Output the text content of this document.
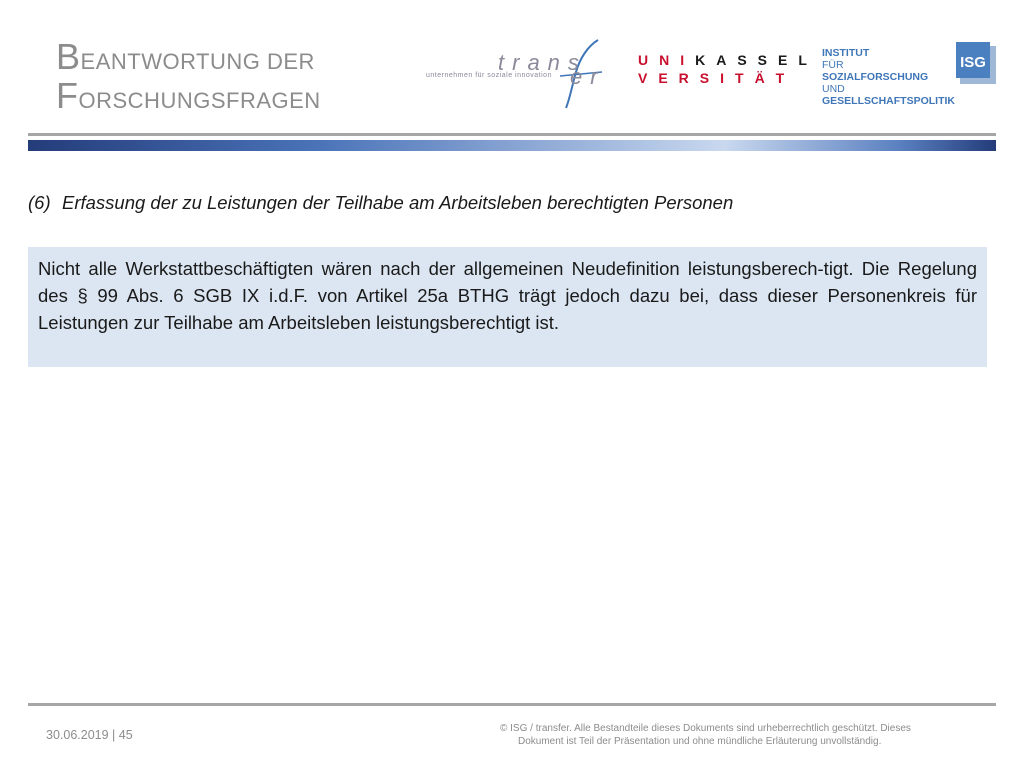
BEANTWORTUNG DER
FORSCHUNGSFRAGEN
trans
er
unternehmen für soziale innovation
UNIKASSEL
VERSITÄT
INSTITUT
FÜR
SOZIALFORSCHUNG
UND
GESELLSCHAFTSPOLITIK
ISG
(6) Erfassung der zu Leistungen der Teilhabe am Arbeitsleben berechtigten Personen

Nicht alle Werkstattbeschäftigten wären nach der allgemeinen Neudefinition leistungsberech-tigt. Die Regelung des § 99 Abs. 6 SGB IX i.d.F. von Artikel 25a BTHG trägt jedoch dazu bei, dass dieser Personenkreis für Leistungen zur Teilhabe am Arbeitsleben leistungsberechtigt ist.

30.06.2019 | 45	© ISG / transfer. Alle Bestandteile dieses Dokuments sind urheberrechtlich geschützt. Dieses
Dokument ist Teil der Präsentation und ohne mündliche Erläuterung unvollständig.
